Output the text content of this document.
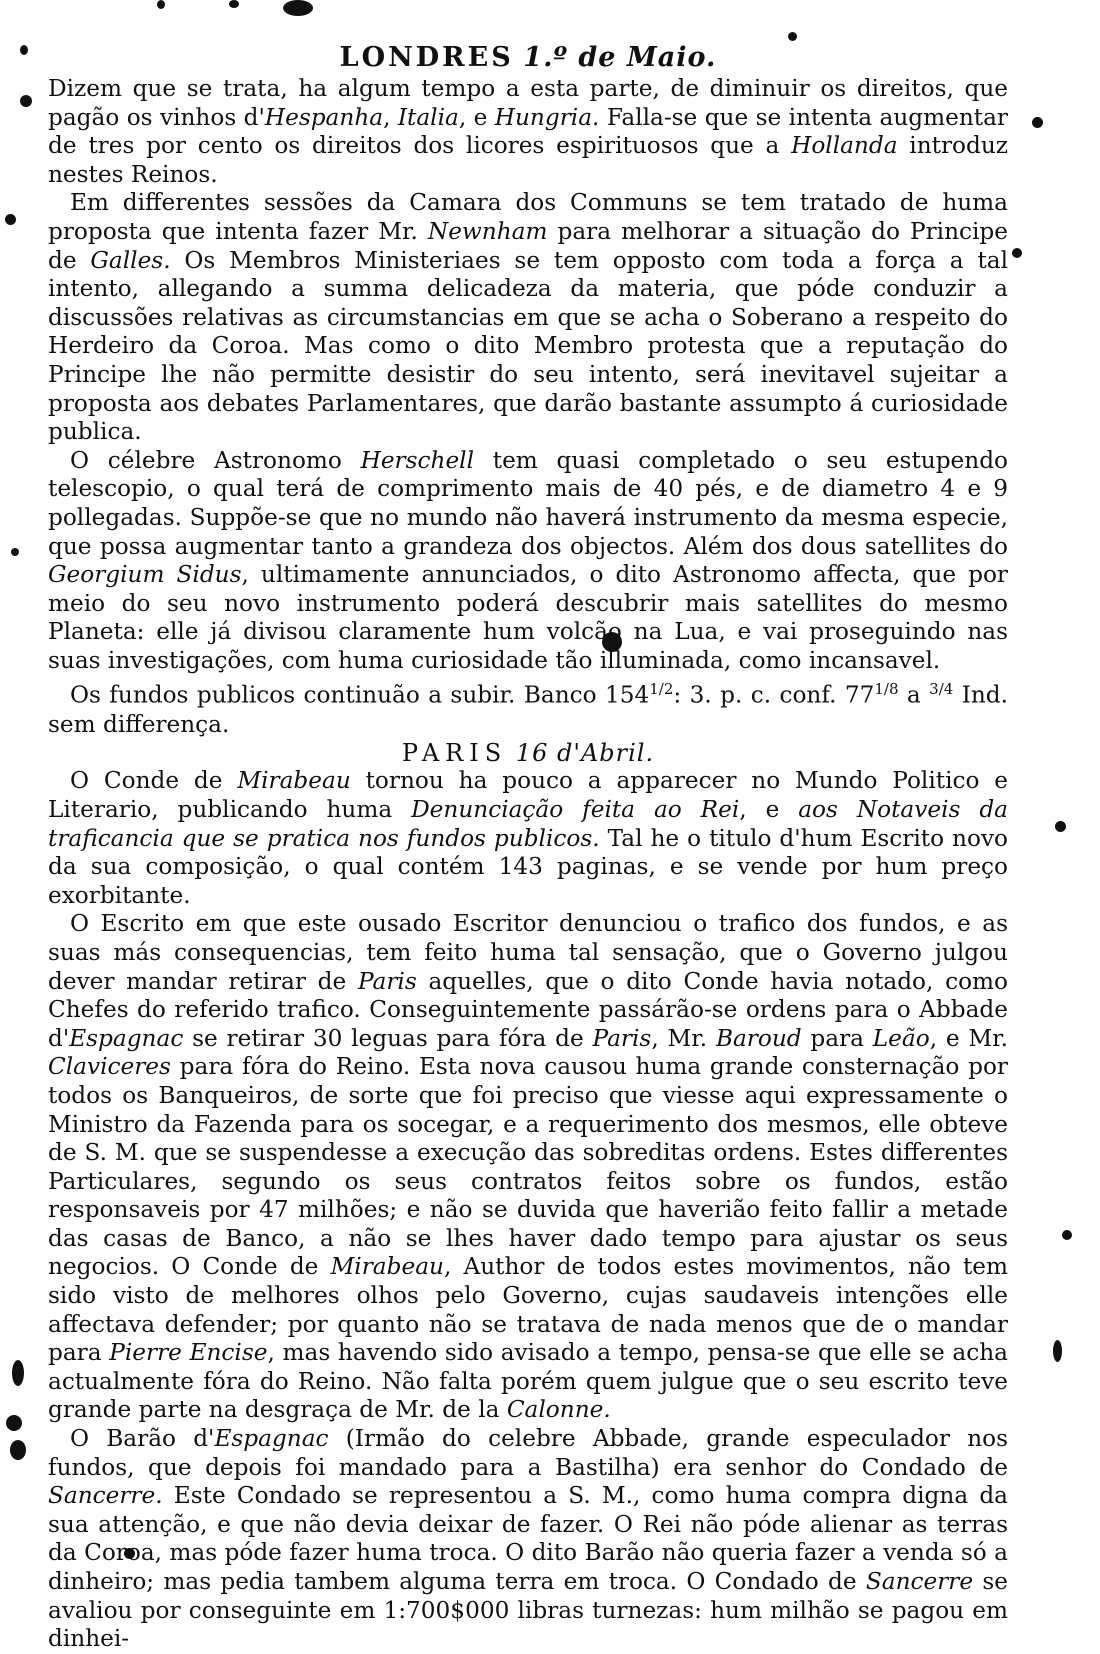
LONDRES 1.º de Maio.

Dizem que se trata, ha algum tempo a esta parte, de diminuir os direitos, que pagão os vinhos d'Hespanha, Italia, e Hungria. Falla-se que se intenta augmentar de tres por cento os direitos dos licores espirituosos que a Hollanda introduz nestes Reinos.

Em differentes sessões da Camara dos Communs se tem tratado de huma proposta que intenta fazer Mr. Newnham para melhorar a situação do Principe de Galles. Os Membros Ministeriaes se tem opposto com toda a força a tal intento, allegando a summa delicadeza da materia, que póde conduzir a discussões relativas as circumstancias em que se acha o Soberano a respeito do Herdeiro da Coroa. Mas como o dito Membro protesta que a reputação do Principe lhe não permitte desistir do seu intento, será inevitavel sujeitar a proposta aos debates Parlamentares, que darão bastante assumpto á curiosidade publica.

O célebre Astronomo Herschell tem quasi completado o seu estupendo telescopio, o qual terá de comprimento mais de 40 pés, e de diametro 4 e 9 pollegadas. Suppõe-se que no mundo não haverá instrumento da mesma especie, que possa augmentar tanto a grandeza dos objectos. Além dos dous satellites do Georgium Sidus, ultimamente annunciados, o dito Astronomo affecta, que por meio do seu novo instrumento poderá descubrir mais satellites do mesmo Planeta: elle já divisou claramente hum volcão na Lua, e vai proseguindo nas suas investigações, com huma curiosidade tão illuminada, como incansavel.

Os fundos publicos continuão a subir. Banco $154^{1/2}$: 3. p. c. conf. $77^{1/8}$ a $^{3/4}$ Ind. sem differença.

PARIS 16 d'Abril.

O Conde de Mirabeau tornou ha pouco a apparecer no Mundo Politico e Literario, publicando huma Denunciação feita ao Rei, e aos Notaveis da traficancia que se pratica nos fundos publicos. Tal he o titulo d'hum Escrito novo da sua composição, o qual contém 143 paginas, e se vende por hum preço exorbitante.

O Escrito em que este ousado Escritor denunciou o trafico dos fundos, e as suas más consequencias, tem feito huma tal sensação, que o Governo julgou dever mandar retirar de Paris aquelles, que o dito Conde havia notado, como Chefes do referido trafico. Conseguintemente passárão-se ordens para o Abbade d'Espagnac se retirar 30 leguas para fóra de Paris, Mr. Baroud para Leão, e Mr. Claviceres para fóra do Reino. Esta nova causou huma grande consternação por todos os Banqueiros, de sorte que foi preciso que viesse aqui expressamente o Ministro da Fazenda para os socegar, e a requerimento dos mesmos, elle obteve de S. M. que se suspendesse a execução das sobreditas ordens. Estes differentes Particulares, segundo os seus contratos feitos sobre os fundos, estão responsaveis por 47 milhões; e não se duvida que haverião feito fallir a metade das casas de Banco, a não se lhes haver dado tempo para ajustar os seus negocios. O Conde de Mirabeau, Author de todos estes movimentos, não tem sido visto de melhores olhos pelo Governo, cujas saudaveis intenções elle affectava defender; por quanto não se tratava de nada menos que de o mandar para Pierre Encise, mas havendo sido avisado a tempo, pensa-se que elle se acha actualmente fóra do Reino. Não falta porém quem julgue que o seu escrito teve grande parte na desgraça de Mr. de la Calonne.

O Barão d'Espagnac (Irmão do celebre Abbade, grande especulador nos fundos, que depois foi mandado para a Bastilha) era senhor do Condado de Sancerre. Este Condado se representou a S. M., como huma compra digna da sua attenção, e que não devia deixar de fazer. O Rei não póde alienar as terras da Coroa, mas póde fazer huma troca. O dito Barão não queria fazer a venda só a dinheiro; mas pedia tambem alguma terra em troca. O Condado de Sancerre se avaliou por conseguinte em 1:700$000 libras turnezas: hum milhão se pagou em dinhei-
